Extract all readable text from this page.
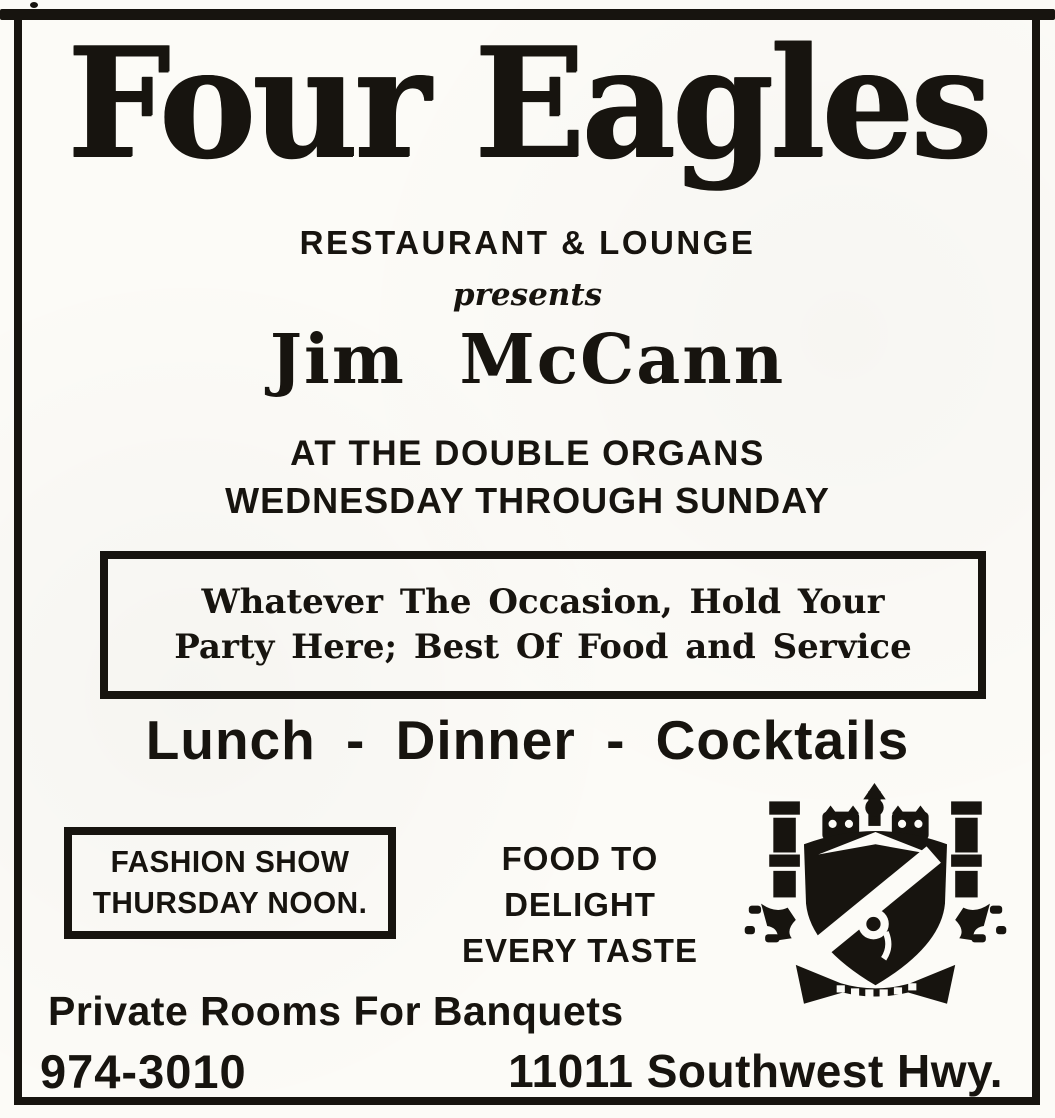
Four Eagles
RESTAURANT & LOUNGE
presents
Jim McCann
AT THE DOUBLE ORGANS
WEDNESDAY THROUGH SUNDAY
Whatever The Occasion, Hold Your
Party Here; Best Of Food and Service
Lunch - Dinner - Cocktails
FASHION SHOW
THURSDAY NOON.
FOOD TO
DELIGHT
EVERY TASTE
Private Rooms For Banquets
974-3010	11011 Southwest Hwy.
